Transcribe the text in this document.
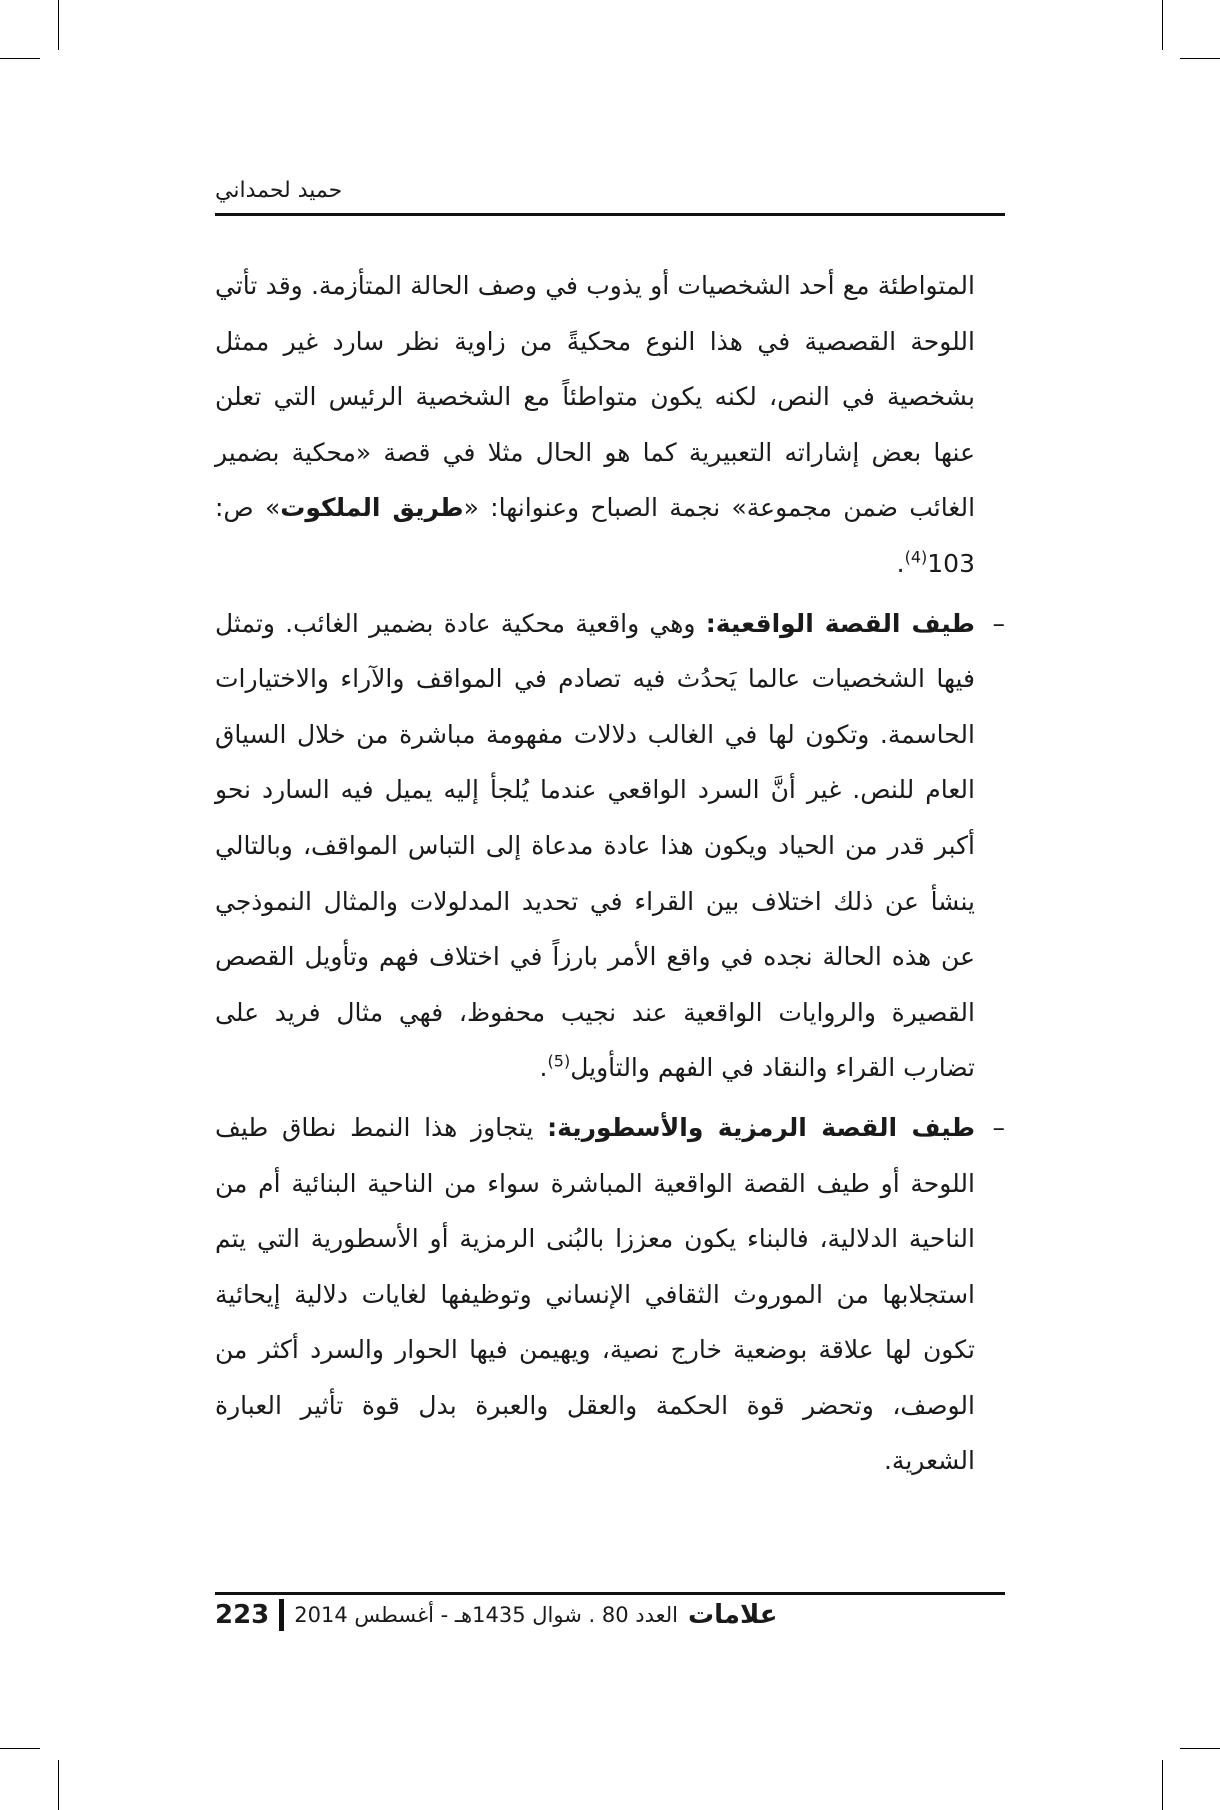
حميد لحمداني

المتواطئة مع أحد الشخصيات أو يذوب في وصف الحالة المتأزمة. وقد تأتي اللوحة القصصية في هذا النوع محكيةً من زاوية نظر سارد غير ممثل بشخصية في النص، لكنه يكون متواطئاً مع الشخصية الرئيس التي تعلن عنها بعض إشاراته التعبيرية كما هو الحال مثلا في قصة «محكية بضمير الغائب ضمن مجموعة» نجمة الصباح وعنوانها: «طريق الملكوت» ص: 103$^{(4)}$.

–

طيف القصة الواقعية: وهي واقعية محكية عادة بضمير الغائب. وتمثل فيها الشخصيات عالما يَحدُث فيه تصادم في المواقف والآراء والاختيارات الحاسمة. وتكون لها في الغالب دلالات مفهومة مباشرة من خلال السياق العام للنص. غير أنَّ السرد الواقعي عندما يُلجأ إليه يميل فيه السارد نحو أكبر قدر من الحياد ويكون هذا عادة مدعاة إلى التباس المواقف، وبالتالي ينشأ عن ذلك اختلاف بين القراء في تحديد المدلولات والمثال النموذجي عن هذه الحالة نجده في واقع الأمر بارزاً في اختلاف فهم وتأويل القصص القصيرة والروايات الواقعية عند نجيب محفوظ، فهي مثال فريد على تضارب القراء والنقاد في الفهم والتأويل$^{(5)}$.

–

طيف القصة الرمزية والأسطورية: يتجاوز هذا النمط نطاق طيف اللوحة أو طيف القصة الواقعية المباشرة سواء من الناحية البنائية أم من الناحية الدلالية، فالبناء يكون معززا بالبُنى الرمزية أو الأسطورية التي يتم استجلابها من الموروث الثقافي الإنساني وتوظيفها لغايات دلالية إيحائية تكون لها علاقة بوضعية خارج نصية، ويهيمن فيها الحوار والسرد أكثر من الوصف، وتحضر قوة الحكمة والعقل والعبرة بدل قوة تأثير العبارة الشعرية.

223 العدد 80 . شوال 1435هـ - أغسطس 2014 علامات
